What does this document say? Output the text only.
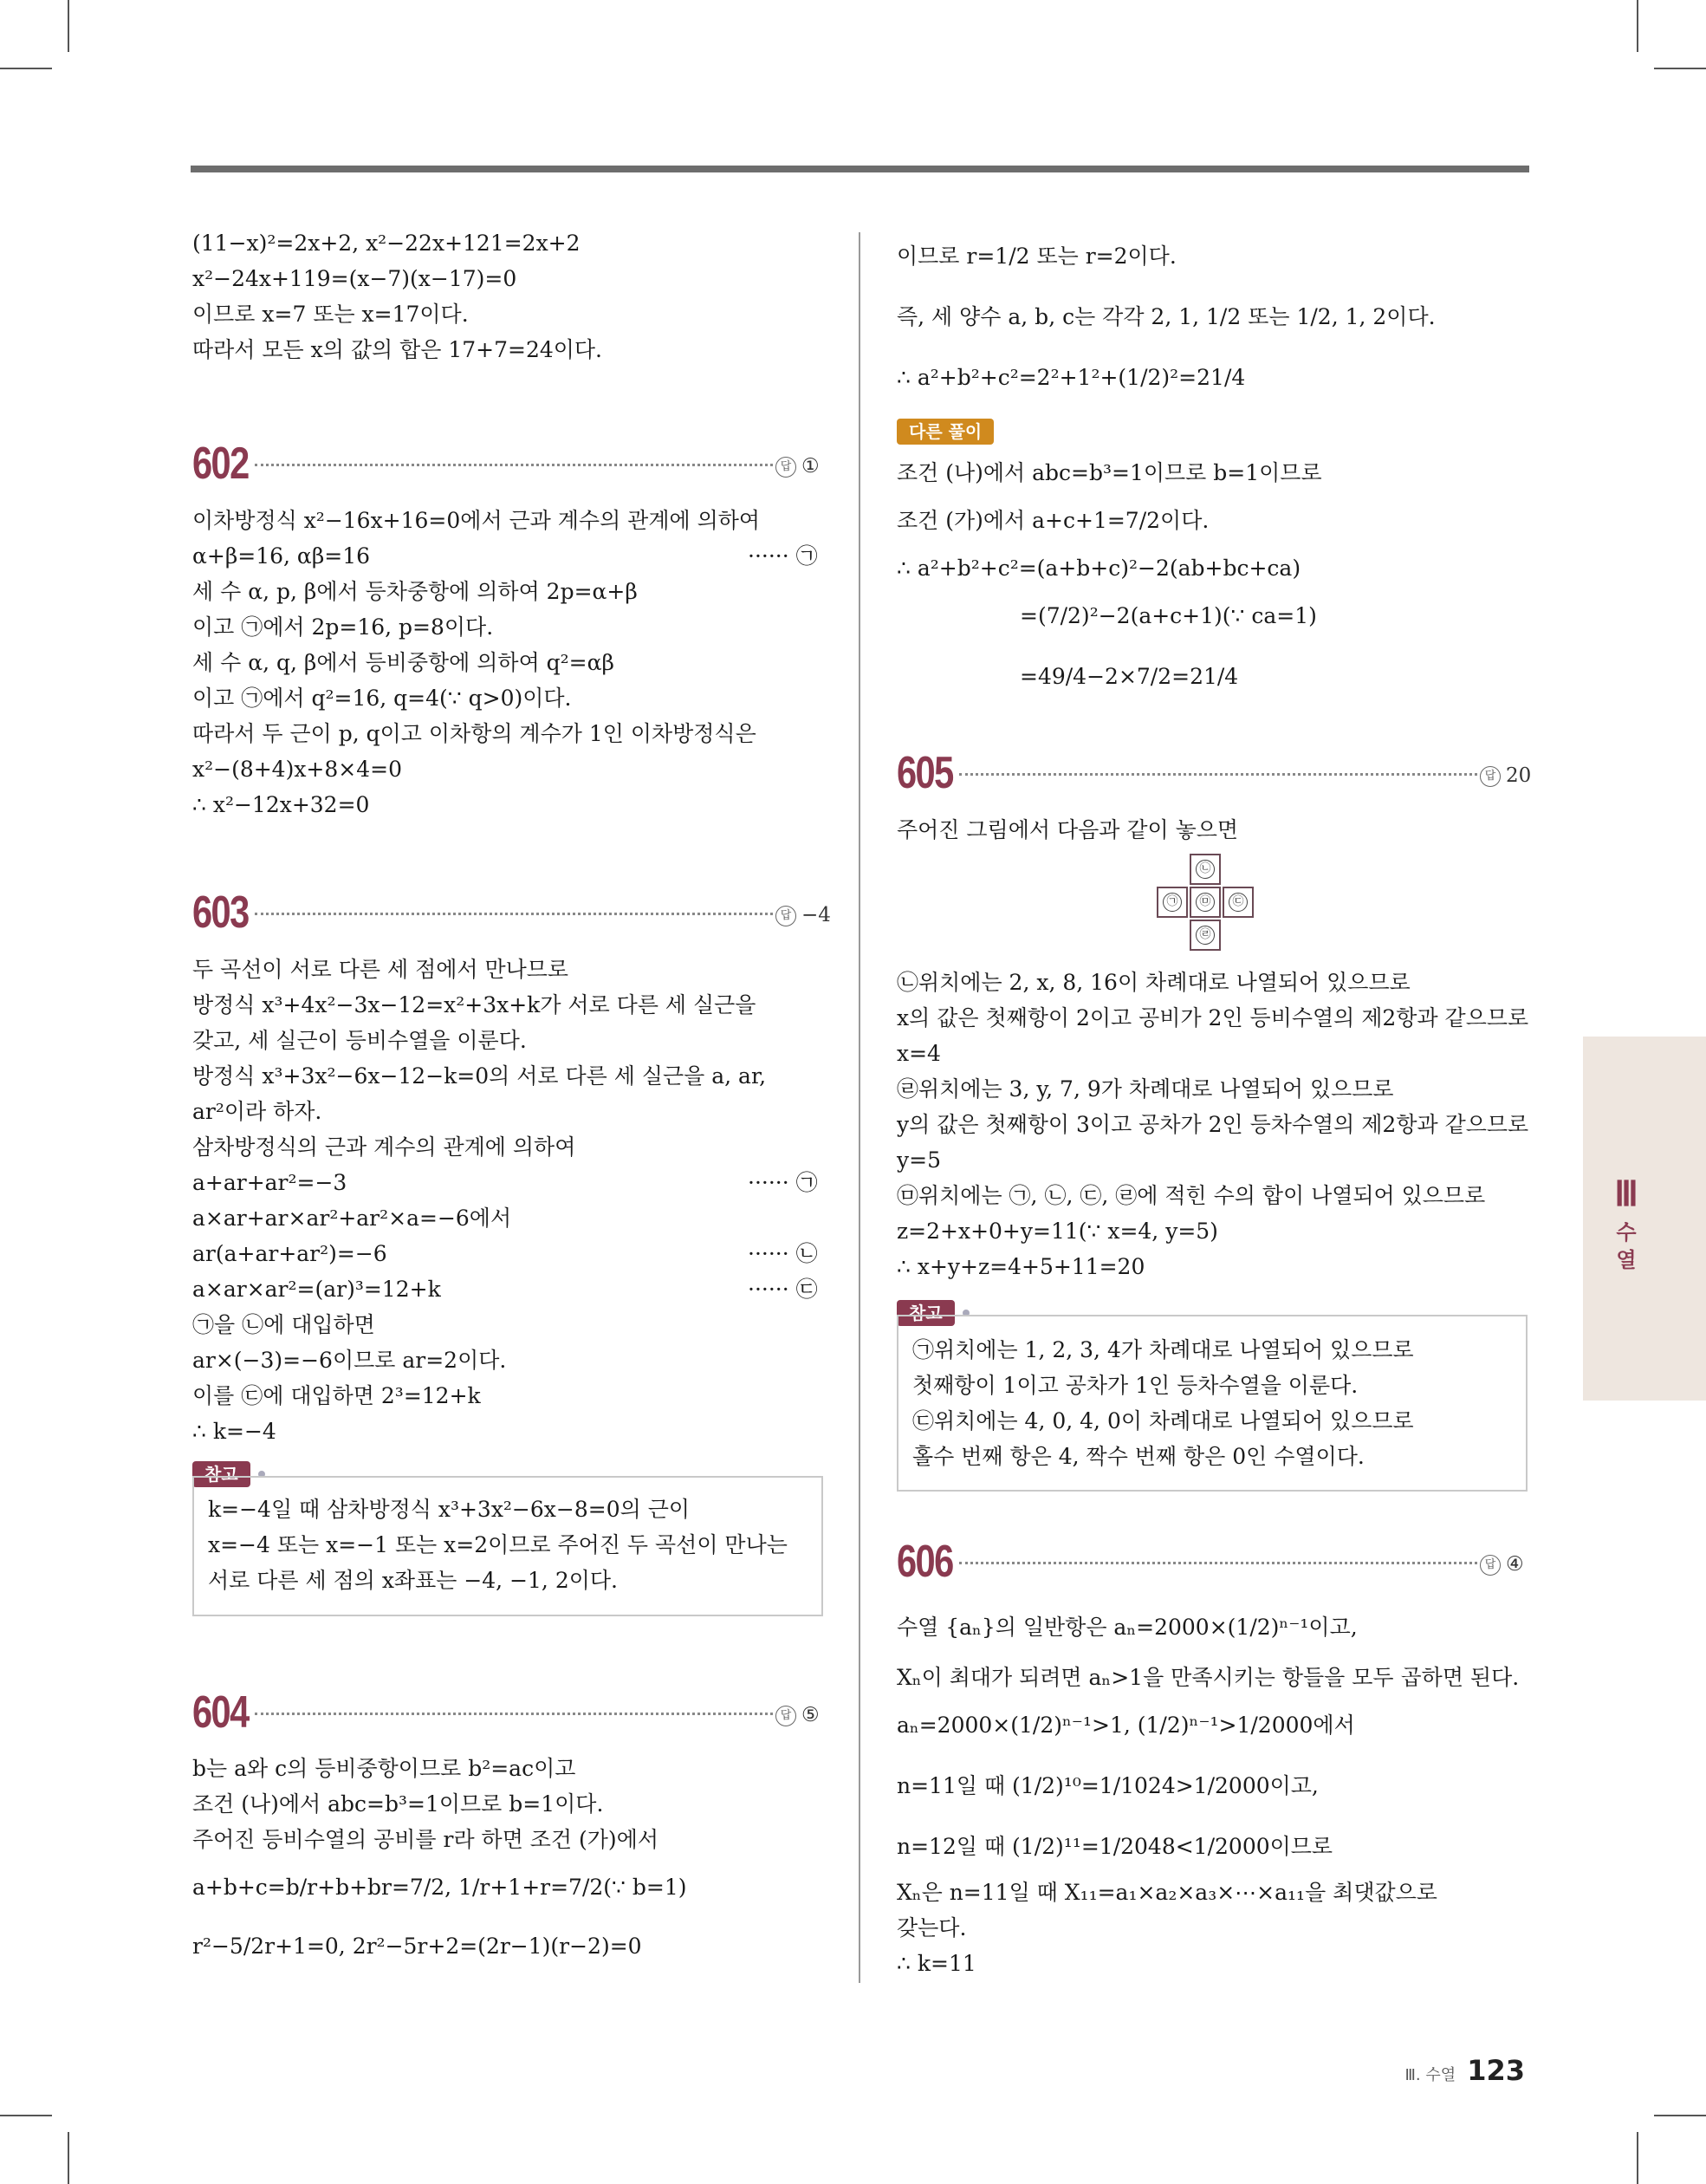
(11−x)²=2x+2, x²−22x+121=2x+2
x²−24x+119=(x−7)(x−17)=0
이므로 x=7 또는 x=17이다.
따라서 모든 x의 값의 합은 17+7=24이다.
602	답 ①
이차방정식 x²−16x+16=0에서 근과 계수의 관계에 의하여
α+β=16, αβ=16	······ ㉠
세 수 α, p, β에서 등차중항에 의하여 2p=α+β
이고 ㉠에서 2p=16, p=8이다.
세 수 α, q, β에서 등비중항에 의하여 q²=αβ
이고 ㉠에서 q²=16, q=4(∵ q>0)이다.
따라서 두 근이 p, q이고 이차항의 계수가 1인 이차방정식은
x²−(8+4)x+8×4=0
∴ x²−12x+32=0
603	답 −4
두 곡선이 서로 다른 세 점에서 만나므로
방정식 x³+4x²−3x−12=x²+3x+k가 서로 다른 세 실근을
갖고, 세 실근이 등비수열을 이룬다.
방정식 x³+3x²−6x−12−k=0의 서로 다른 세 실근을 a, ar,
ar²이라 하자.
삼차방정식의 근과 계수의 관계에 의하여
a+ar+ar²=−3	······ ㉠
a×ar+ar×ar²+ar²×a=−6에서
ar(a+ar+ar²)=−6	······ ㉡
a×ar×ar²=(ar)³=12+k	······ ㉢
㉠을 ㉡에 대입하면
ar×(−3)=−6이므로 ar=2이다.
이를 ㉢에 대입하면 2³=12+k
∴ k=−4
참고
k=−4일 때 삼차방정식 x³+3x²−6x−8=0의 근이
x=−4 또는 x=−1 또는 x=2이므로 주어진 두 곡선이 만나는
서로 다른 세 점의 x좌표는 −4, −1, 2이다.
604	답 ⑤
b는 a와 c의 등비중항이므로 b²=ac이고
조건 (나)에서 abc=b³=1이므로 b=1이다.
주어진 등비수열의 공비를 r라 하면 조건 (가)에서
a+b+c=b/r+b+br=7/2, 1/r+1+r=7/2(∵ b=1)
r²−5/2r+1=0, 2r²−5r+2=(2r−1)(r−2)=0
이므로 r=1/2 또는 r=2이다.
즉, 세 양수 a, b, c는 각각 2, 1, 1/2 또는 1/2, 1, 2이다.
∴ a²+b²+c²=2²+1²+(1/2)²=21/4
다른 풀이
조건 (나)에서 abc=b³=1이므로 b=1이므로
조건 (가)에서 a+c+1=7/2이다.
∴ a²+b²+c²=(a+b+c)²−2(ab+bc+ca)
=(7/2)²−2(a+c+1)(∵ ca=1)
=49/4−2×7/2=21/4
605	답 20
주어진 그림에서 다음과 같이 놓으면
㉡
㉠	㉤	㉢
㉣
㉡위치에는 2, x, 8, 16이 차례대로 나열되어 있으므로
x의 값은 첫째항이 2이고 공비가 2인 등비수열의 제2항과 같으므로
x=4
㉣위치에는 3, y, 7, 9가 차례대로 나열되어 있으므로
y의 값은 첫째항이 3이고 공차가 2인 등차수열의 제2항과 같으므로
y=5
㉤위치에는 ㉠, ㉡, ㉢, ㉣에 적힌 수의 합이 나열되어 있으므로
z=2+x+0+y=11(∵ x=4, y=5)
∴ x+y+z=4+5+11=20
참고
㉠위치에는 1, 2, 3, 4가 차례대로 나열되어 있으므로
첫째항이 1이고 공차가 1인 등차수열을 이룬다.
㉢위치에는 4, 0, 4, 0이 차례대로 나열되어 있으므로
홀수 번째 항은 4, 짝수 번째 항은 0인 수열이다.
606	답 ④
수열 {aₙ}의 일반항은 aₙ=2000×(1/2)ⁿ⁻¹이고,
Xₙ이 최대가 되려면 aₙ>1을 만족시키는 항들을 모두 곱하면 된다.
aₙ=2000×(1/2)ⁿ⁻¹>1, (1/2)ⁿ⁻¹>1/2000에서
n=11일 때 (1/2)¹⁰=1/1024>1/2000이고,
n=12일 때 (1/2)¹¹=1/2048<1/2000이므로
Xₙ은 n=11일 때 X₁₁=a₁×a₂×a₃×⋯×a₁₁을 최댓값으로
갖는다.
∴ k=11
Ⅲ
수열
Ⅲ. 수열 123
